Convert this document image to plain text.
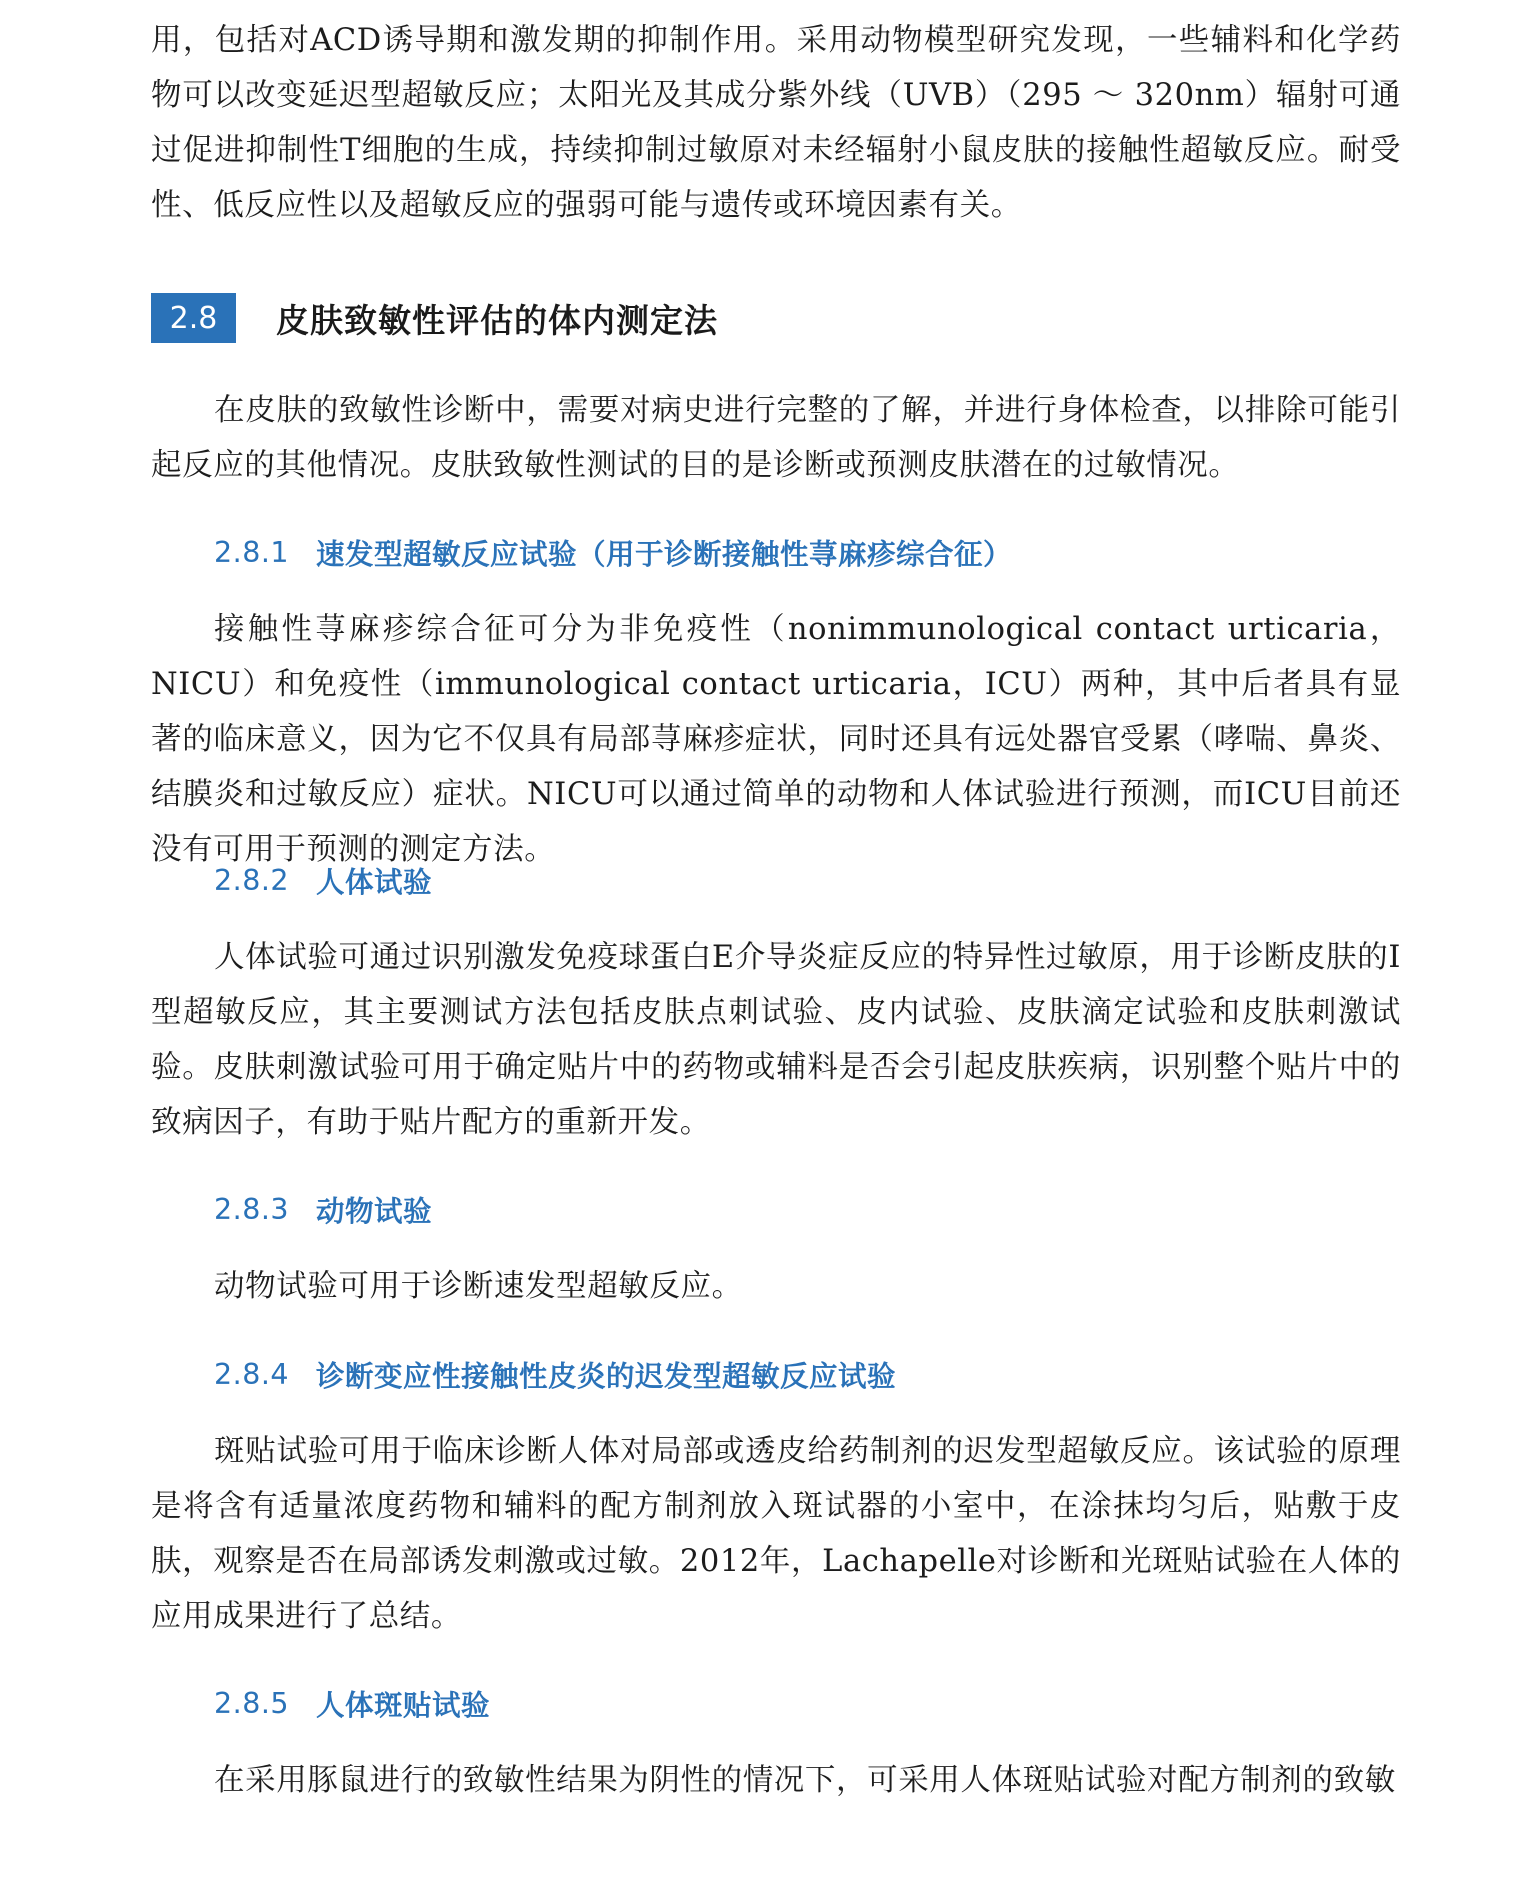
用，包括对ACD诱导期和激发期的抑制作用。采用动物模型研究发现，一些辅料和化学药物可以改变延迟型超敏反应；太阳光及其成分紫外线（UVB）（295 ～ 320nm）辐射可通过促进抑制性T细胞的生成，持续抑制过敏原对未经辐射小鼠皮肤的接触性超敏反应。耐受性、低反应性以及超敏反应的强弱可能与遗传或环境因素有关。

2.8	皮肤致敏性评估的体内测定法

在皮肤的致敏性诊断中，需要对病史进行完整的了解，并进行身体检查，以排除可能引起反应的其他情况。皮肤致敏性测试的目的是诊断或预测皮肤潜在的过敏情况。

2.8.1 速发型超敏反应试验（用于诊断接触性荨麻疹综合征）

接触性荨麻疹综合征可分为非免疫性（nonimmunological contact urticaria，NICU）和免疫性（immunological contact urticaria，ICU）两种，其中后者具有显著的临床意义，因为它不仅具有局部荨麻疹症状，同时还具有远处器官受累（哮喘、鼻炎、结膜炎和过敏反应）症状。NICU可以通过简单的动物和人体试验进行预测，而ICU目前还没有可用于预测的测定方法。

2.8.2 人体试验

人体试验可通过识别激发免疫球蛋白E介导炎症反应的特异性过敏原，用于诊断皮肤的Ⅰ型超敏反应，其主要测试方法包括皮肤点刺试验、皮内试验、皮肤滴定试验和皮肤刺激试验。皮肤刺激试验可用于确定贴片中的药物或辅料是否会引起皮肤疾病，识别整个贴片中的致病因子，有助于贴片配方的重新开发。

2.8.3 动物试验

动物试验可用于诊断速发型超敏反应。

2.8.4 诊断变应性接触性皮炎的迟发型超敏反应试验

斑贴试验可用于临床诊断人体对局部或透皮给药制剂的迟发型超敏反应。该试验的原理是将含有适量浓度药物和辅料的配方制剂放入斑试器的小室中，在涂抹均匀后，贴敷于皮肤，观察是否在局部诱发刺激或过敏。2012年，Lachapelle对诊断和光斑贴试验在人体的应用成果进行了总结。

2.8.5 人体斑贴试验

在采用豚鼠进行的致敏性结果为阴性的情况下，可采用人体斑贴试验对配方制剂的致敏
